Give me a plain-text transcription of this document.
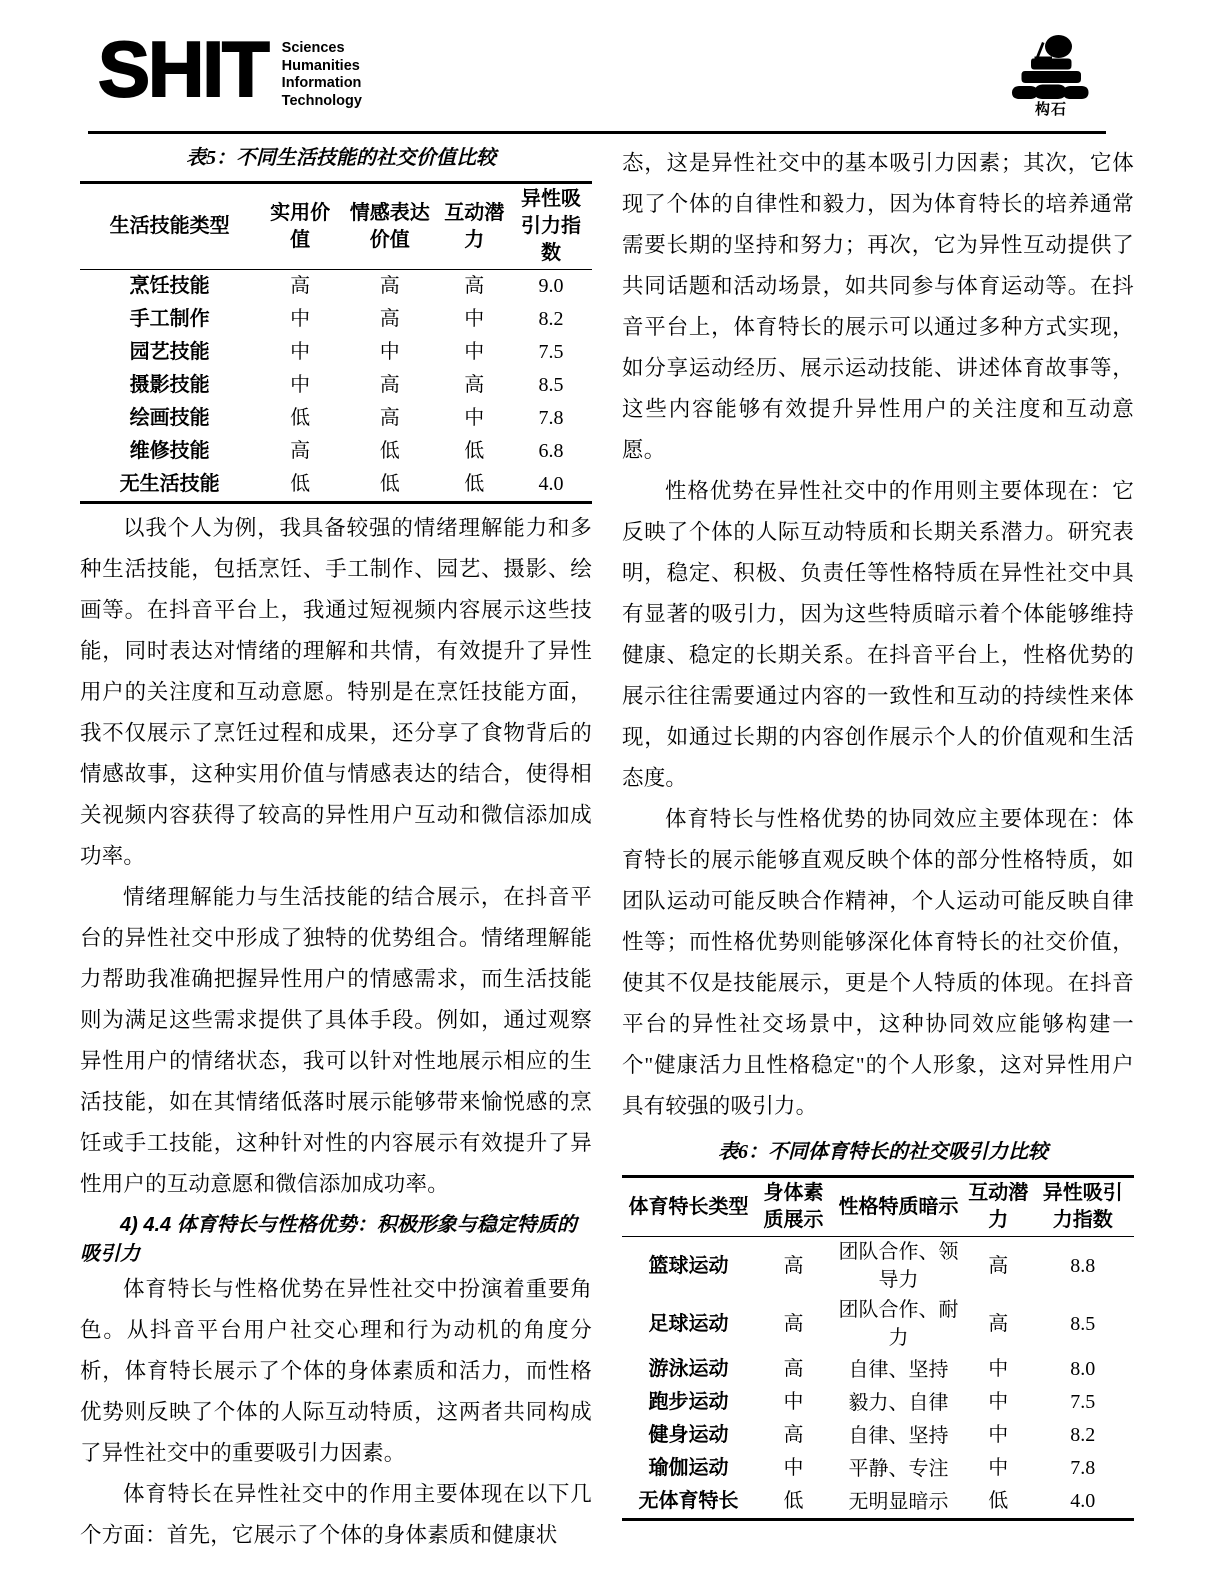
SHIT Sciences
Humanities
Information
Technology
构石
表5：不同生活技能的社交价值比较
生活技能类型	实用价值	情感表达价值	互动潜力	异性吸引力指数
烹饪技能	高	高	高	9.0
手工制作	中	高	中	8.2
园艺技能	中	中	中	7.5
摄影技能	中	高	高	8.5
绘画技能	低	高	中	7.8
维修技能	高	低	低	6.8
无生活技能	低	低	低	4.0

以我个人为例，我具备较强的情绪理解能力和多种生活技能，包括烹饪、手工制作、园艺、摄影、绘画等。在抖音平台上，我通过短视频内容展示这些技能，同时表达对情绪的理解和共情，有效提升了异性用户的关注度和互动意愿。特别是在烹饪技能方面，我不仅展示了烹饪过程和成果，还分享了食物背后的情感故事，这种实用价值与情感表达的结合，使得相关视频内容获得了较高的异性用户互动和微信添加成功率。

情绪理解能力与生活技能的结合展示，在抖音平台的异性社交中形成了独特的优势组合。情绪理解能力帮助我准确把握异性用户的情感需求，而生活技能则为满足这些需求提供了具体手段。例如，通过观察异性用户的情绪状态，我可以针对性地展示相应的生活技能，如在其情绪低落时展示能够带来愉悦感的烹饪或手工技能，这种针对性的内容展示有效提升了异性用户的互动意愿和微信添加成功率。

4) 4.4 体育特长与性格优势：积极形象与稳定特质的吸引力

体育特长与性格优势在异性社交中扮演着重要角色。从抖音平台用户社交心理和行为动机的角度分析，体育特长展示了个体的身体素质和活力，而性格优势则反映了个体的人际互动特质，这两者共同构成了异性社交中的重要吸引力因素。

体育特长在异性社交中的作用主要体现在以下几个方面：首先，它展示了个体的身体素质和健康状

态，这是异性社交中的基本吸引力因素；其次，它体现了个体的自律性和毅力，因为体育特长的培养通常需要长期的坚持和努力；再次，它为异性互动提供了共同话题和活动场景，如共同参与体育运动等。在抖音平台上，体育特长的展示可以通过多种方式实现，如分享运动经历、展示运动技能、讲述体育故事等，这些内容能够有效提升异性用户的关注度和互动意愿。

性格优势在异性社交中的作用则主要体现在：它反映了个体的人际互动特质和长期关系潜力。研究表明，稳定、积极、负责任等性格特质在异性社交中具有显著的吸引力，因为这些特质暗示着个体能够维持健康、稳定的长期关系。在抖音平台上，性格优势的展示往往需要通过内容的一致性和互动的持续性来体现，如通过长期的内容创作展示个人的价值观和生活态度。

体育特长与性格优势的协同效应主要体现在：体育特长的展示能够直观反映个体的部分性格特质，如团队运动可能反映合作精神，个人运动可能反映自律性等；而性格优势则能够深化体育特长的社交价值，使其不仅是技能展示，更是个人特质的体现。在抖音平台的异性社交场景中，这种协同效应能够构建一个"健康活力且性格稳定"的个人形象，这对异性用户具有较强的吸引力。

表6：不同体育特长的社交吸引力比较
体育特长类型	身体素质展示	性格特质暗示	互动潜力	异性吸引力指数
篮球运动	高	团队合作、领导力	高	8.8
足球运动	高	团队合作、耐力	高	8.5
游泳运动	高	自律、坚持	中	8.0
跑步运动	中	毅力、自律	中	7.5
健身运动	高	自律、坚持	中	8.2
瑜伽运动	中	平静、专注	中	7.8
无体育特长	低	无明显暗示	低	4.0
